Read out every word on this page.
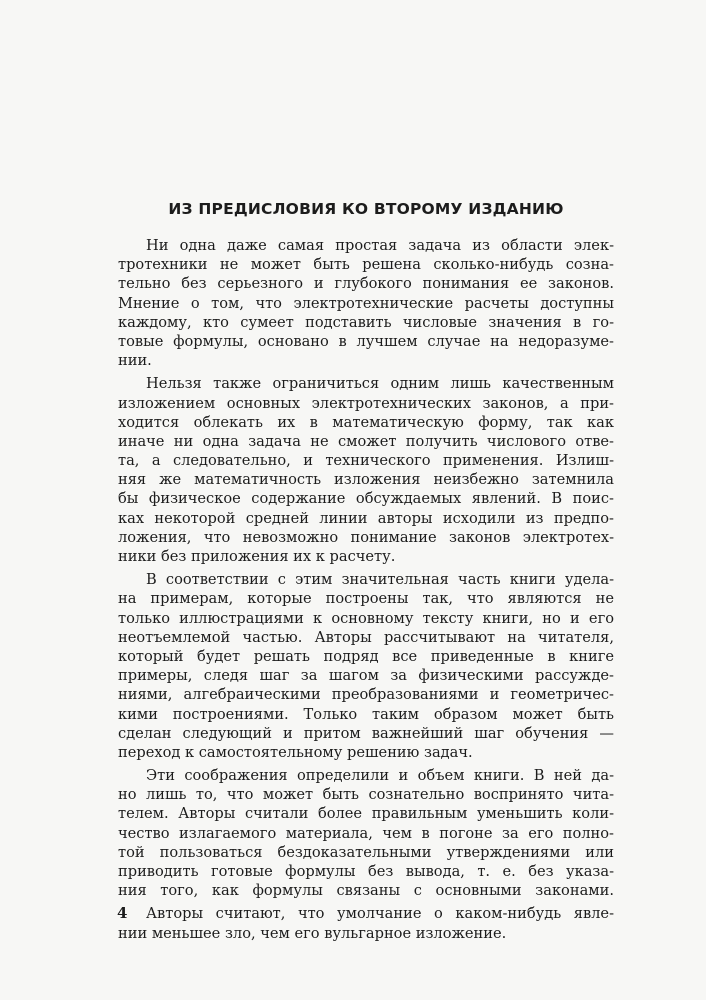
ИЗ ПРЕДИСЛОВИЯ КО ВТОРОМУ ИЗДАНИЮ
Ни одна даже самая простая задача из области элек-
тротехники не может быть решена сколько-нибудь созна-
тельно без серьезного и глубокого понимания ее законов.
Мнение о том, что электротехнические расчеты доступны
каждому, кто сумеет подставить числовые значения в го-
товые формулы, основано в лучшем случае на недоразуме-
нии.
Нельзя также ограничиться одним лишь качественным
изложением основных электротехнических законов, а при-
ходится облекать их в математическую форму, так как
иначе ни одна задача не сможет получить числового отве-
та, а следовательно, и технического применения. Излиш-
няя же математичность изложения неизбежно затемнила
бы физическое содержание обсуждаемых явлений. В поис-
ках некоторой средней линии авторы исходили из предпо-
ложения, что невозможно понимание законов электротех-
ники без приложения их к расчету.
В соответствии с этим значительная часть книги удела-
на примерам, которые построены так, что являются не
только иллюстрациями к основному тексту книги, но и его
неотъемлемой частью. Авторы рассчитывают на читателя,
который будет решать подряд все приведенные в книге
примеры, следя шаг за шагом за физическими рассужде-
ниями, алгебраическими преобразованиями и геометричес-
кими построениями. Только таким образом может быть
сделан следующий и притом важнейший шаг обучения —
переход к самостоятельному решению задач.
Эти соображения определили и объем книги. В ней да-
но лишь то, что может быть сознательно воспринято чита-
телем. Авторы считали более правильным уменьшить коли-
чество излагаемого материала, чем в погоне за его полно-
той пользоваться бездоказательными утверждениями или
приводить готовые формулы без вывода, т. е. без указа-
ния того, как формулы связаны с основными законами.
Авторы считают, что умолчание о каком-нибудь явле-
нии меньшее зло, чем его вульгарное изложение.
4
